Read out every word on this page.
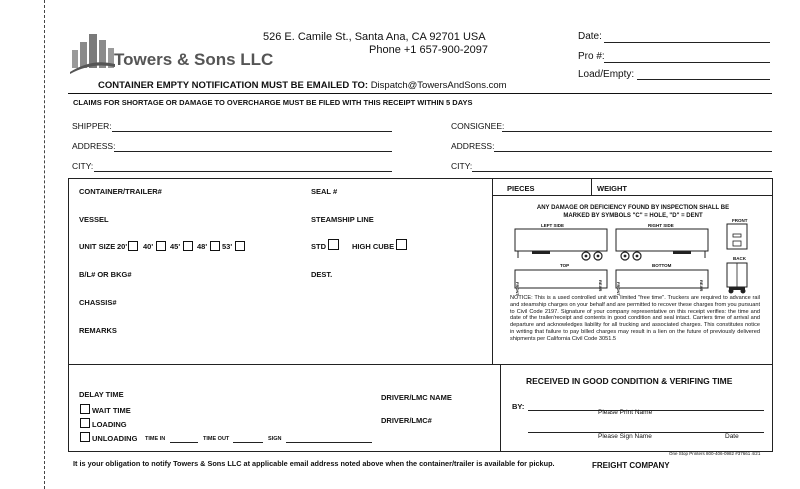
Towers & Sons LLC
526 E. Camile St., Santa Ana, CA 92701 USA
Phone +1 657-900-2097
Date:
Pro #:
Load/Empty:
CONTAINER EMPTY NOTIFICATION MUST BE EMAILED TO: Dispatch@TowersAndSons.com
CLAIMS FOR SHORTAGE OR DAMAGE TO OVERCHARGE MUST BE FILED WITH THIS RECEIPT WITHIN 5 DAYS
SHIPPER:	CONSIGNEE:
ADDRESS:	ADDRESS:
CITY:	CITY:
CONTAINER/TRAILER#	SEAL #
VESSEL	STEAMSHIP LINE
UNIT SIZE 20' 40' 45' 48' 53'	STD	HIGH CUBE
B/L# OR BKG#	DEST.
CHASSIS#
REMARKS
PIECES	WEIGHT
ANY DAMAGE OR DEFICIENCY FOUND BY INSPECTION SHALL BE MARKED BY SYMBOLS "C" = HOLE, "D" = DENT
LEFT SIDE	RIGHT SIDE
FRONT
BACK
TOP	BOTTOM
FRONT	REAR	FRONT	REAR
NOTICE: This is a used controlled unit with limited "free time". Truckers are required to advance rail and steamship charges on your behalf and are permitted to recover these charges from you pursuant to Civil Code 2197. Signature of your company representative on this receipt verifies: the time and date of the trailer/receipt and contents in good condition and seal intact. Carriers time of arrival and departure and acknowledges liability for all trucking and associated charges. This constitutes notice in writing that failure to pay billed charges may result in a lien on the future of previously delivered shipments per California Civil Code 3051.5
RECEIVED IN GOOD CONDITION & VERIFING TIME
BY:
Please Print Name
Please Sign Name	Date
DELAY TIME	DRIVER/LMC NAME
WAIT TIME
DRIVER/LMC#
LOADING
UNLOADING TIME IN	TIME OUT	SIGN
One Stop Printers 800-406-0982 #37661 4/21
It is your obligation to notify Towers & Sons LLC at applicable email address noted above when the container/trailer is available for pickup.	FREIGHT COMPANY
